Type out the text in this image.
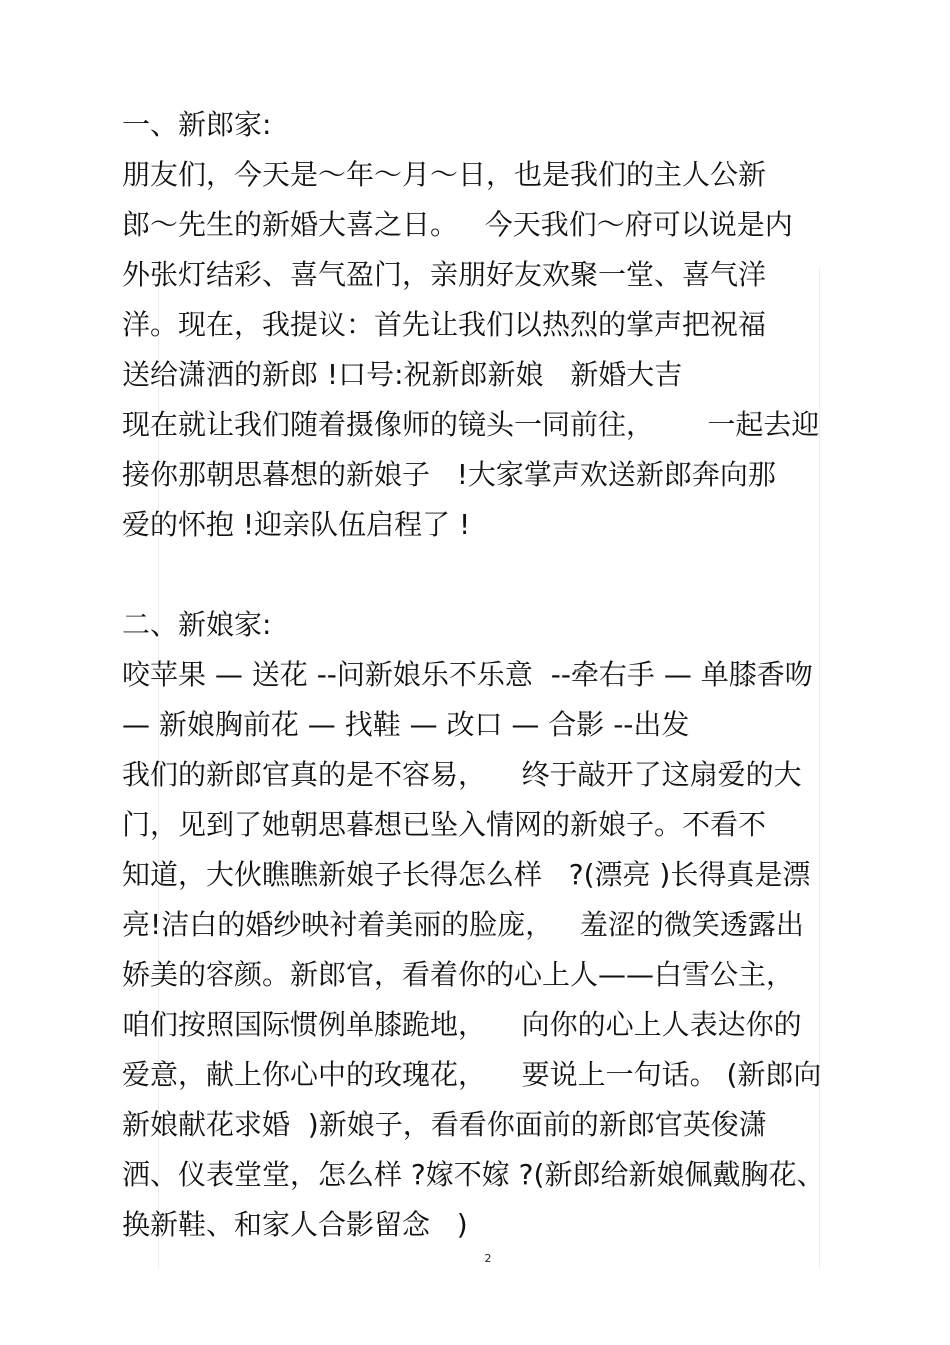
一、新郎家:
朋友们，今天是～年～月～日，也是我们的主人公新
郎～先生的新婚大喜之日。   今天我们～府可以说是内
外张灯结彩、喜气盈门，亲朋好友欢聚一堂、喜气洋
洋。现在，我提议：首先让我们以热烈的掌声把祝福
送给潇洒的新郎 !口号:祝新郎新娘   新婚大吉
现在就让我们随着摄像师的镜头一同前往，      一起去迎
接你那朝思暮想的新娘子   !大家掌声欢送新郎奔向那
爱的怀抱 !迎亲队伍启程了 !
二、新娘家:
咬苹果 — 送花 --问新娘乐不乐意  --牵右手 — 单膝香吻
— 新娘胸前花 — 找鞋 — 改口 — 合影 --出发
我们的新郎官真的是不容易，    终于敲开了这扇爱的大
门，见到了她朝思暮想已坠入情网的新娘子。不看不
知道，大伙瞧瞧新娘子长得怎么样   ?(漂亮 )长得真是漂
亮!洁白的婚纱映衬着美丽的脸庞，   羞涩的微笑透露出
娇美的容颜。新郎官，看着你的心上人——白雪公主，
咱们按照国际惯例单膝跪地，    向你的心上人表达你的
爱意，献上你心中的玫瑰花，    要说上一句话。 (新郎向
新娘献花求婚  )新娘子，看看你面前的新郎官英俊潇
洒、仪表堂堂，怎么样 ?嫁不嫁 ?(新郎给新娘佩戴胸花、
换新鞋、和家人合影留念   )
2
